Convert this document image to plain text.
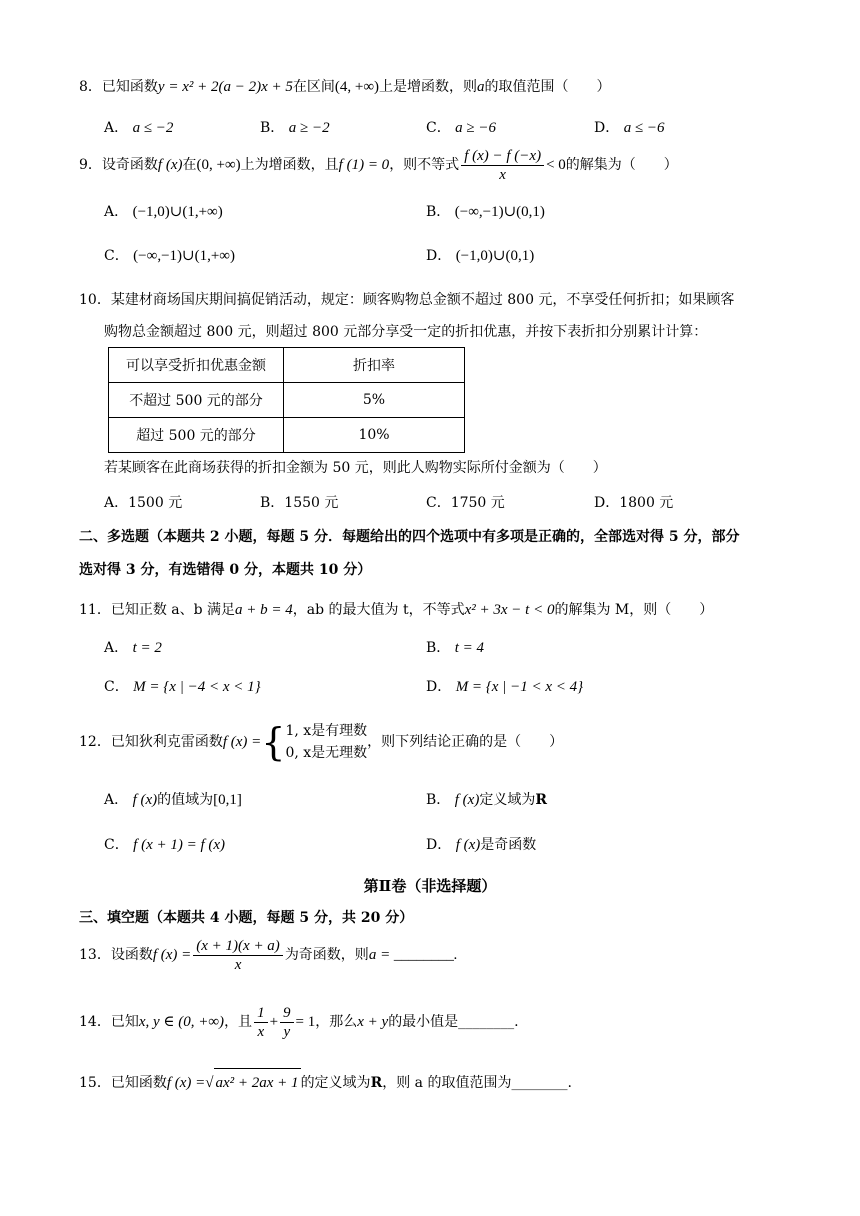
8．已知函数y = x² + 2(a − 2)x + 5在区间(4, +∞)上是增函数，则a的取值范围（　　）
A． a ≤ −2	B． a ≥ −2	C． a ≥ −6	D． a ≤ −6
9．设奇函数f (x)在(0, +∞)上为增函数，且f (1) = 0，则不等式 $\frac{f (x) - f (-x)}{x} < 0$的解集为（　　）
A． (−1,0)∪(1,+∞)	B． (−∞,−1)∪(0,1)
C． (−∞,−1)∪(1,+∞)	D． (−1,0)∪(0,1)
10．某建材商场国庆期间搞促销活动，规定：顾客购物总金额不超过 800 元，不享受任何折扣；如果顾客
购物总金额超过 800 元，则超过 800 元部分享受一定的折扣优惠，并按下表折扣分别累计计算：
可以享受折扣优惠金额	折扣率
不超过 500 元的部分	5%
超过 500 元的部分	10%
若某顾客在此商场获得的折扣金额为 50 元，则此人购物实际所付金额为（　　）
A．1500 元	B．1550 元	C．1750 元	D．1800 元
二、多选题（本题共 2 小题，每题 5 分．每题给出的四个选项中有多项是正确的，全部选对得 5 分，部分
选对得 3 分，有选错得 0 分，本题共 10 分）
11．已知正数 a、b 满足a + b = 4，ab 的最大值为 t，不等式x² + 3x − t < 0的解集为 M，则（　　）
A． t = 2	B． t = 4
C． M = {x | −4 < x < 1}	D． M = {x | −1 < x < 4}
12．已知狄利克雷函数f (x) ={ 1, x是有理数
0, x是无理数
，则下列结论正确的是（　　）
A． f (x)的值域为[0,1]	B． f (x)定义域为R
C． f (x + 1) = f (x)	D． f (x)是奇函数
第Ⅱ卷（非选择题）
三、填空题（本题共 4 小题，每题 5 分，共 20 分）
13．设函数f $(x) = \frac{(x + 1)(x + a)}{x}$ 为奇函数，则a = ________.
14．已知x, y ∈ (0, +∞)，且 $\frac{1}{x} + \frac{9}{y} = 1$，那么x + y的最小值是________.
15．已知函数f (x) =√ ax² + 2ax + 1 的定义域为R，则 a 的取值范围为________.
